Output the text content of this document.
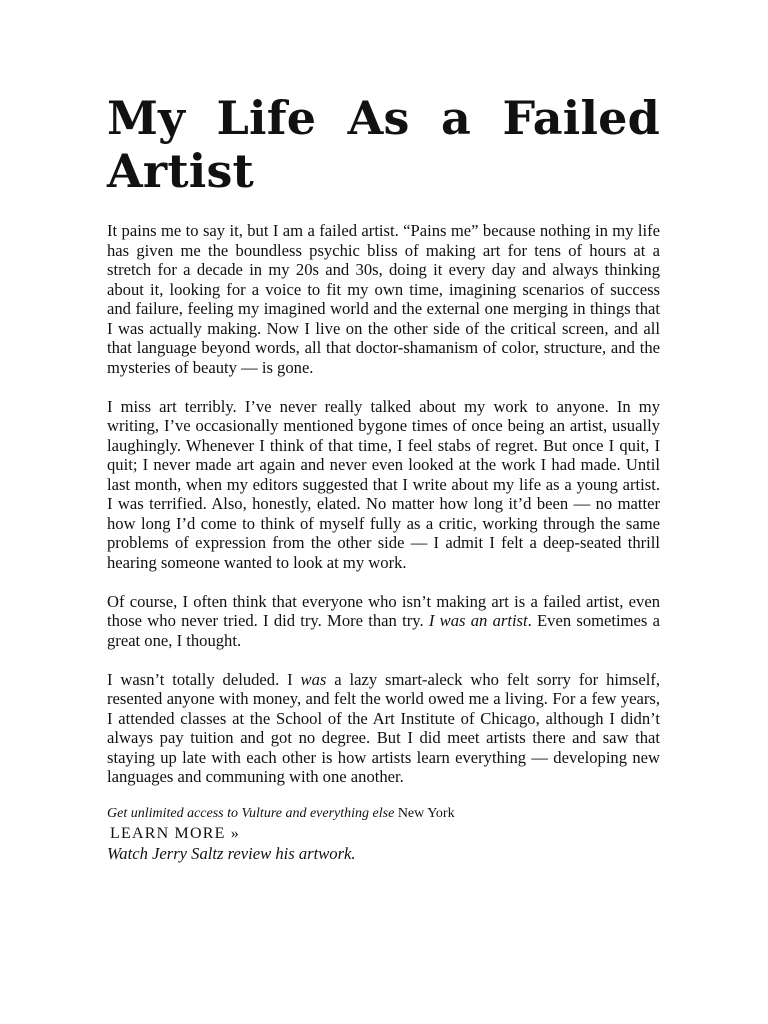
My Life As a Failed Artist

It pains me to say it, but I am a failed artist. “Pains me” because nothing in my life has given me the boundless psychic bliss of making art for tens of hours at a stretch for a decade in my 20s and 30s, doing it every day and always thinking about it, looking for a voice to fit my own time, imagining scenarios of success and failure, feeling my imagined world and the external one merging in things that I was actually making. Now I live on the other side of the critical screen, and all that language beyond words, all that doctor-shamanism of color, structure, and the mysteries of beauty — is gone.

I miss art terribly. I’ve never really talked about my work to anyone. In my writing, I’ve occasionally mentioned bygone times of once being an artist, usually laughingly. Whenever I think of that time, I feel stabs of regret. But once I quit, I quit; I never made art again and never even looked at the work I had made. Until last month, when my editors suggested that I write about my life as a young artist. I was terrified. Also, honestly, elated. No matter how long it’d been — no matter how long I’d come to think of myself fully as a critic, working through the same problems of expression from the other side — I admit I felt a deep-seated thrill hearing someone wanted to look at my work.

Of course, I often think that everyone who isn’t making art is a failed artist, even those who never tried. I did try. More than try. I was an artist. Even sometimes a great one, I thought.

I wasn’t totally deluded. I was a lazy smart-aleck who felt sorry for himself, resented anyone with money, and felt the world owed me a living. For a few years, I attended classes at the School of the Art Institute of Chicago, although I didn’t always pay tuition and got no degree. But I did meet artists there and saw that staying up late with each other is how artists learn everything — developing new languages and communing with one another.

Get unlimited access to Vulture and everything else New York
LEARN MORE »
Watch Jerry Saltz review his artwork.
